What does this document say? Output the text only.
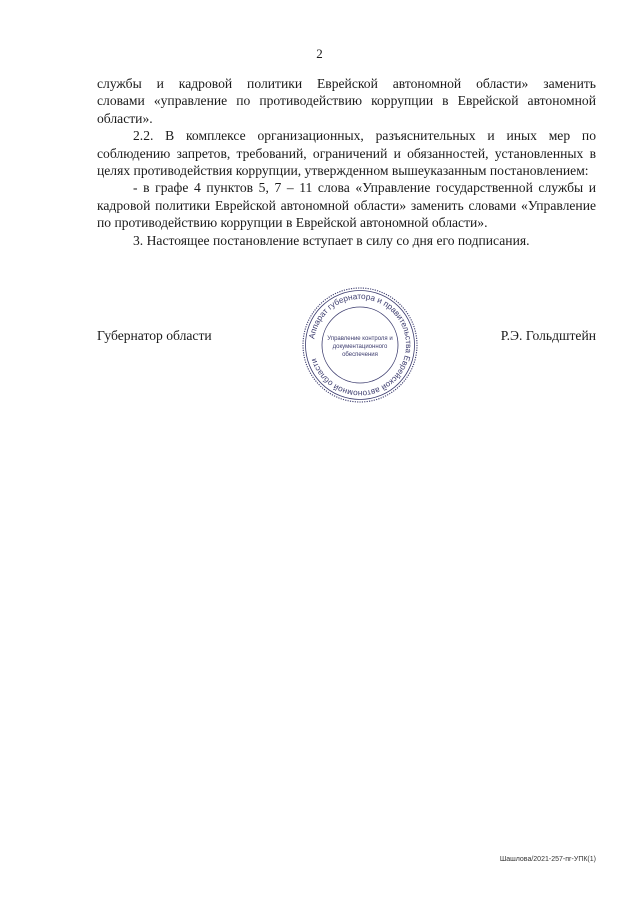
2

службы и кадровой политики Еврейской автономной области» заменить

словами «управление по противодействию коррупции в Еврейской автономной области».

2.2. В комплексе организационных, разъяснительных и иных мер по соблюдению запретов, требований, ограничений и обязанностей, установленных в целях противодействия коррупции, утвержденном вышеуказанным постановлением:

- в графе 4 пунктов 5, 7 – 11 слова «Управление государственной службы и кадровой политики Еврейской автономной области» заменить словами «Управление по противодействию коррупции в Еврейской автономной области».

3. Настоящее постановление вступает в силу со дня его подписания.

Губернатор области	Р.Э. Гольдштейн
Аппарат губернатора и правительства Еврейской автономной области
Управление контроля и
документационного
обеспечения
Шашлова/2021-257-пг-УПК(1)
